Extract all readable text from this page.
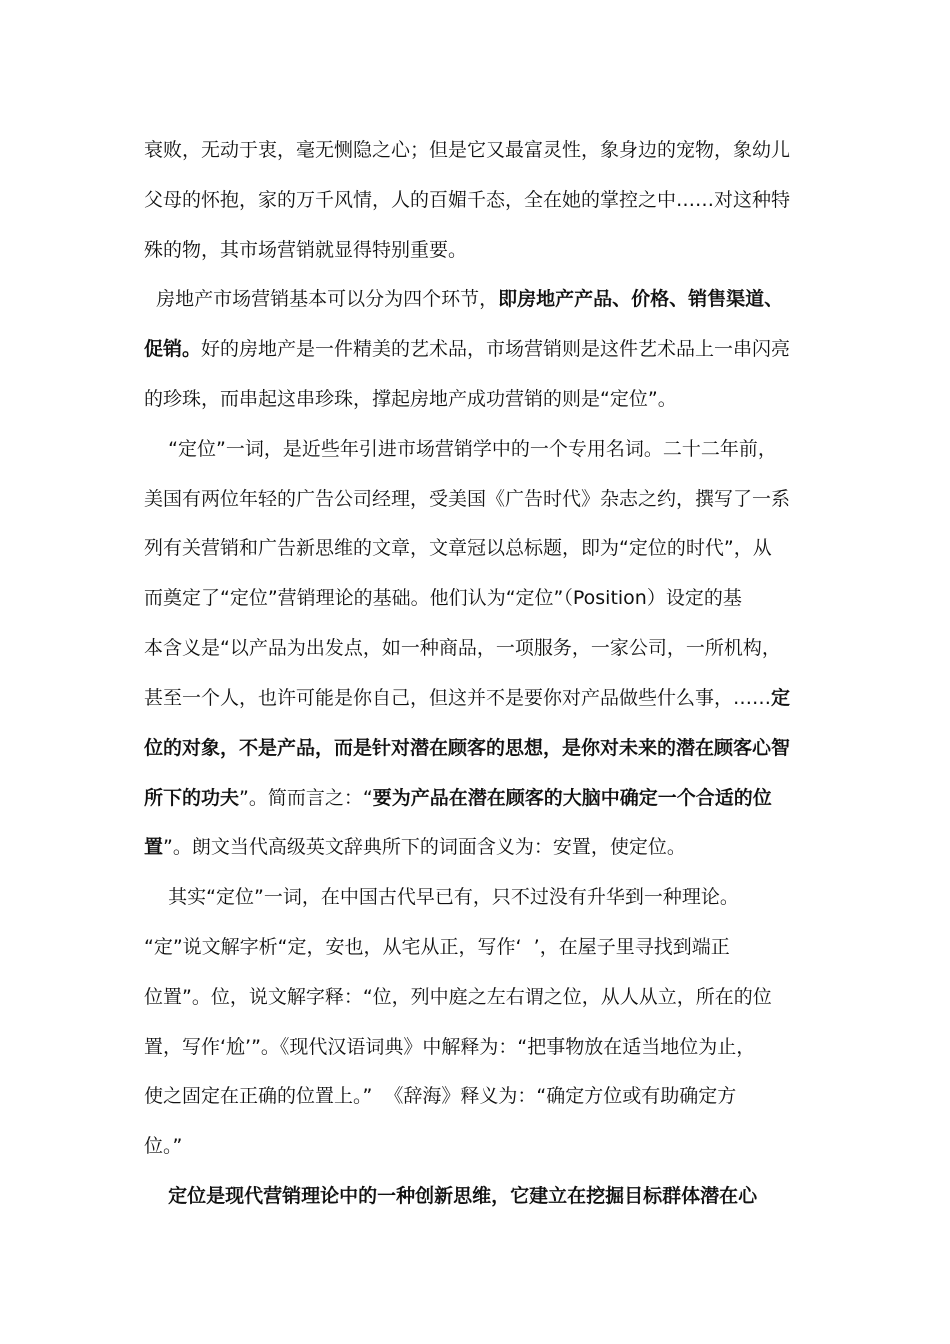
衰败，无动于衷，毫无恻隐之心；但是它又最富灵性，象身边的宠物，象幼儿
父母的怀抱，家的万千风情，人的百媚千态，全在她的掌控之中……对这种特
殊的物，其市场营销就显得特别重要。
房地产市场营销基本可以分为四个环节，即房地产产品、价格、销售渠道、
促销。好的房地产是一件精美的艺术品，市场营销则是这件艺术品上一串闪亮
的珍珠，而串起这串珍珠，撑起房地产成功营销的则是“定位”。
“定位”一词，是近些年引进市场营销学中的一个专用名词。二十二年前，
美国有两位年轻的广告公司经理，受美国《广告时代》杂志之约，撰写了一系
列有关营销和广告新思维的文章，文章冠以总标题，即为“定位的时代”，从
而奠定了“定位”营销理论的基础。他们认为“定位”（Position）设定的基
本含义是“以产品为出发点，如一种商品，一项服务，一家公司，一所机构，
甚至一个人，也许可能是你自己，但这并不是要你对产品做些什么事，……定
位的对象，不是产品，而是针对潜在顾客的思想，是你对未来的潜在顾客心智
所下的功夫”。简而言之：“要为产品在潜在顾客的大脑中确定一个合适的位
置”。朗文当代高级英文辞典所下的词面含义为：安置，使定位。
其实“定位”一词，在中国古代早已有，只不过没有升华到一种理论。
“定”说文解字析“定，安也，从宅从正，写作‘  ’，在屋子里寻找到端正
位置”。位，说文解字释：“位，列中庭之左右谓之位，从人从立，所在的位
置，写作‘尬’”。《现代汉语词典》中解释为：“把事物放在适当地位为止，
使之固定在正确的位置上。”  《辞海》释义为：“确定方位或有助确定方
位。”
定位是现代营销理论中的一种创新思维，它建立在挖掘目标群体潜在心
